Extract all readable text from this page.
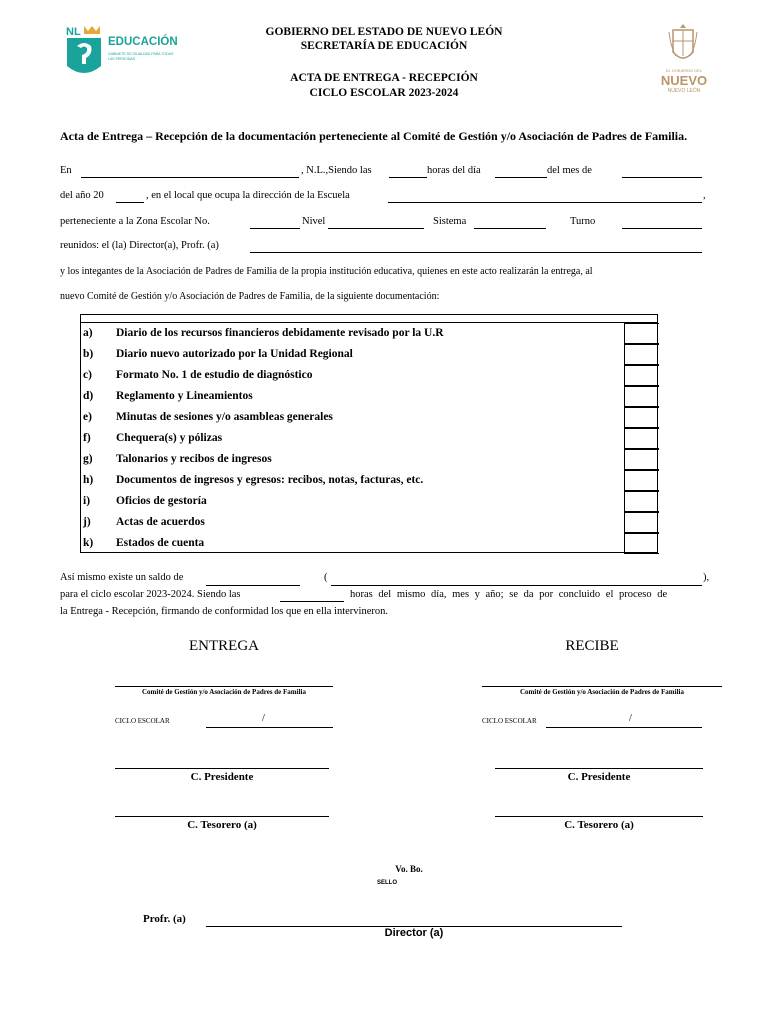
NL
EDUCACIÓN
GABINETE DE IGUALDAD PARA TODAS LAS PERSONAS
EL GOBIERNO DEL
NUEVO
NUEVO LEÓN
GOBIERNO DEL ESTADO DE NUEVO LEÓN
SECRETARÍA DE EDUCACIÓN
ACTA DE ENTREGA - RECEPCIÓN
CICLO ESCOLAR 2023-2024
Acta de Entrega – Recepción de la documentación perteneciente al Comité de Gestión y/o Asociación de Padres de Familia.
En	, N.L.,Siendo las	horas del día	del mes de
del año 20	, en el local que ocupa la dirección de la Escuela	,
perteneciente a la Zona Escolar No.	Nivel	Sistema	Turno
reunidos: el (la) Director(a), Profr. (a)
y los integantes de la Asociación de Padres de Familia de la propia institución educativa, quienes en este acto realizarán la entrega, al
nuevo Comité de Gestión y/o Asociación de Padres de Familia, de la siguiente documentación:
a) Diario de los recursos financieros debidamente revisado por la U.R
b) Diario nuevo autorizado por la Unidad Regional
c) Formato No. 1 de estudio de diagnóstico
d) Reglamento y Lineamientos
e) Minutas de sesiones y/o asambleas generales
f) Chequera(s) y pólizas
g) Talonarios y recibos de ingresos
h) Documentos de ingresos y egresos: recibos, notas, facturas, etc.
i) Oficios de gestoría
j) Actas de acuerdos
k) Estados de cuenta
Así mismo existe un saldo de	(	),
para el ciclo escolar 2023-2024. Siendo las	horas del mismo día, mes y año; se da por concluido el proceso de
la Entrega - Recepción, firmando de conformidad los que en ella intervineron.
ENTREGA	RECIBE
Comité de Gestión y/o Asociación de Padres de Familia	Comité de Gestión y/o Asociación de Padres de Familia
CICLO ESCOLAR	/	CICLO ESCOLAR	/
C. Presidente	C. Presidente
C. Tesorero (a)	C. Tesorero (a)
Vo. Bo.
SELLO
Profr. (a)
Director (a)
